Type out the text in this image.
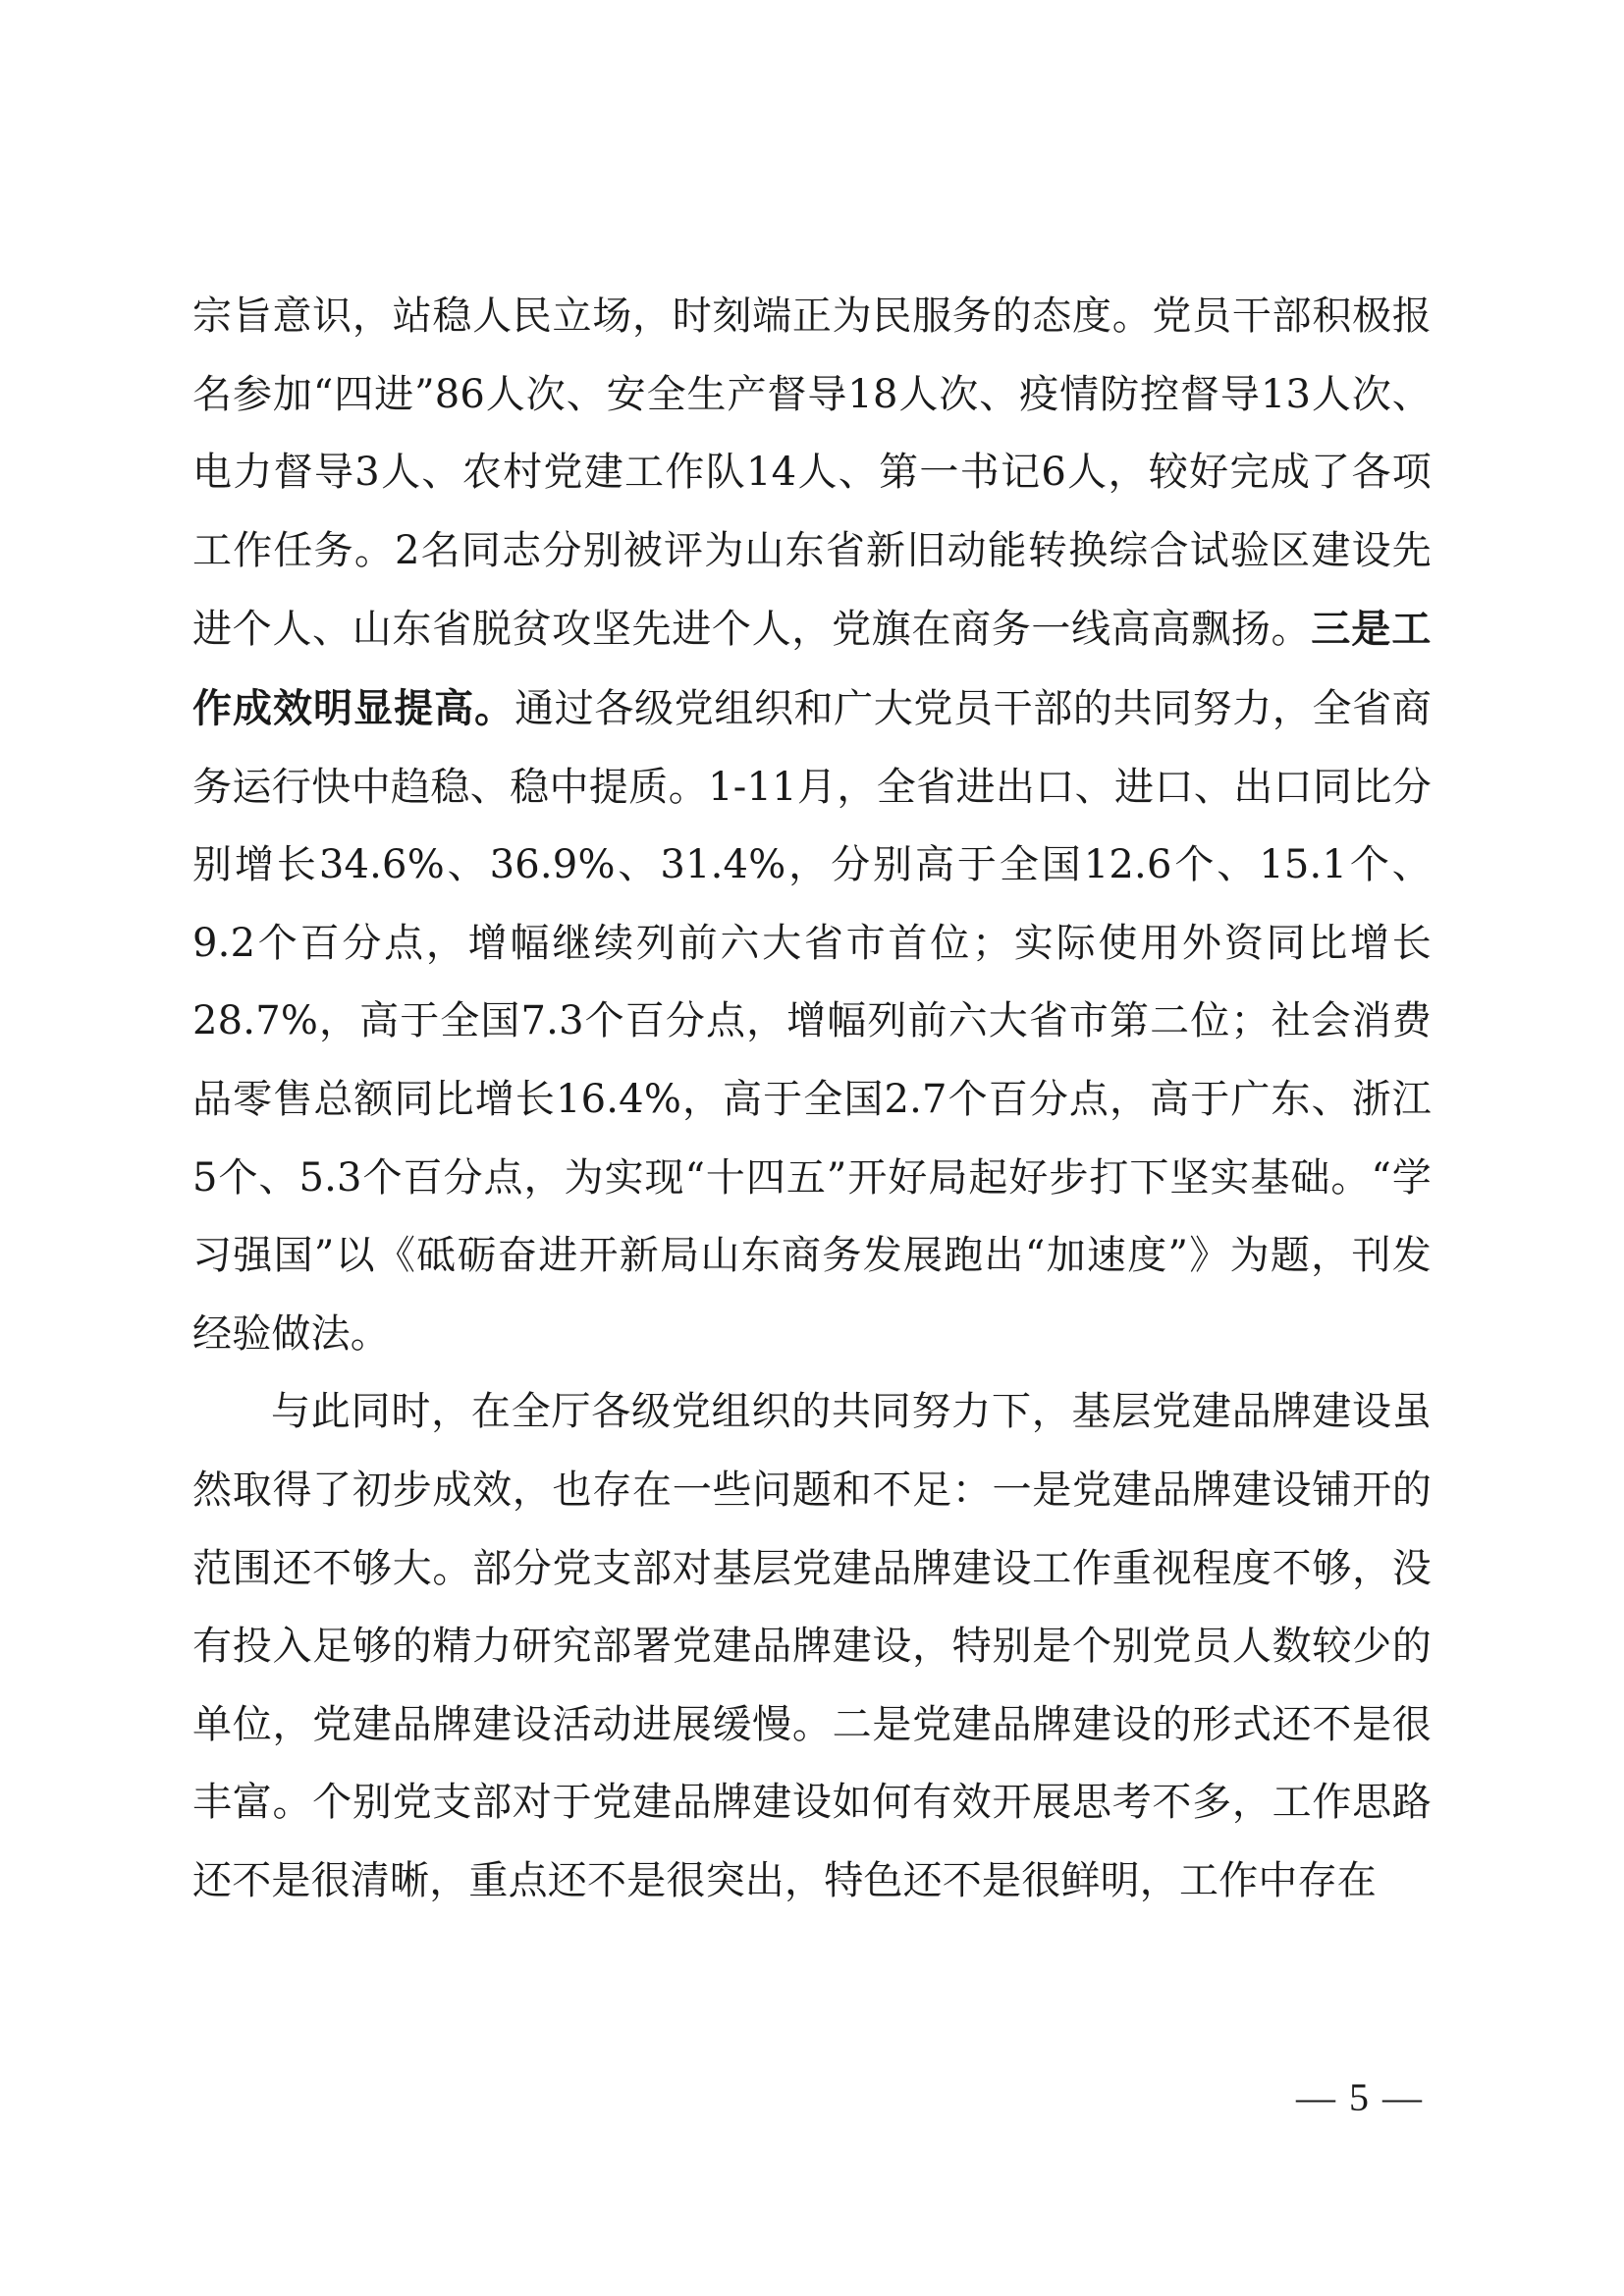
宗旨意识，站稳人民立场，时刻端正为民服务的态度。党员干部积极报名参加“四进”86人次、安全生产督导18人次、疫情防控督导13人次、电力督导3人、农村党建工作队14人、第一书记6人，较好完成了各项工作任务。2名同志分别被评为山东省新旧动能转换综合试验区建设先进个人、山东省脱贫攻坚先进个人，党旗在商务一线高高飘扬。三是工作成效明显提高。通过各级党组织和广大党员干部的共同努力，全省商务运行快中趋稳、稳中提质。1-11月，全省进出口、进口、出口同比分别增长34.6%、36.9%、31.4%，分别高于全国12.6个、15.1个、9.2个百分点，增幅继续列前六大省市首位；实际使用外资同比增长28.7%，高于全国7.3个百分点，增幅列前六大省市第二位；社会消费品零售总额同比增长16.4%，高于全国2.7个百分点，高于广东、浙江5个、5.3个百分点，为实现“十四五”开好局起好步打下坚实基础。“学习强国”以《砥砺奋进开新局山东商务发展跑出“加速度”》为题，刊发经验做法。

与此同时，在全厅各级党组织的共同努力下，基层党建品牌建设虽然取得了初步成效，也存在一些问题和不足：一是党建品牌建设铺开的范围还不够大。部分党支部对基层党建品牌建设工作重视程度不够，没有投入足够的精力研究部署党建品牌建设，特别是个别党员人数较少的单位，党建品牌建设活动进展缓慢。二是党建品牌建设的形式还不是很丰富。个别党支部对于党建品牌建设如何有效开展思考不多，工作思路还不是很清晰，重点还不是很突出，特色还不是很鲜明，工作中存在

— 5 —
